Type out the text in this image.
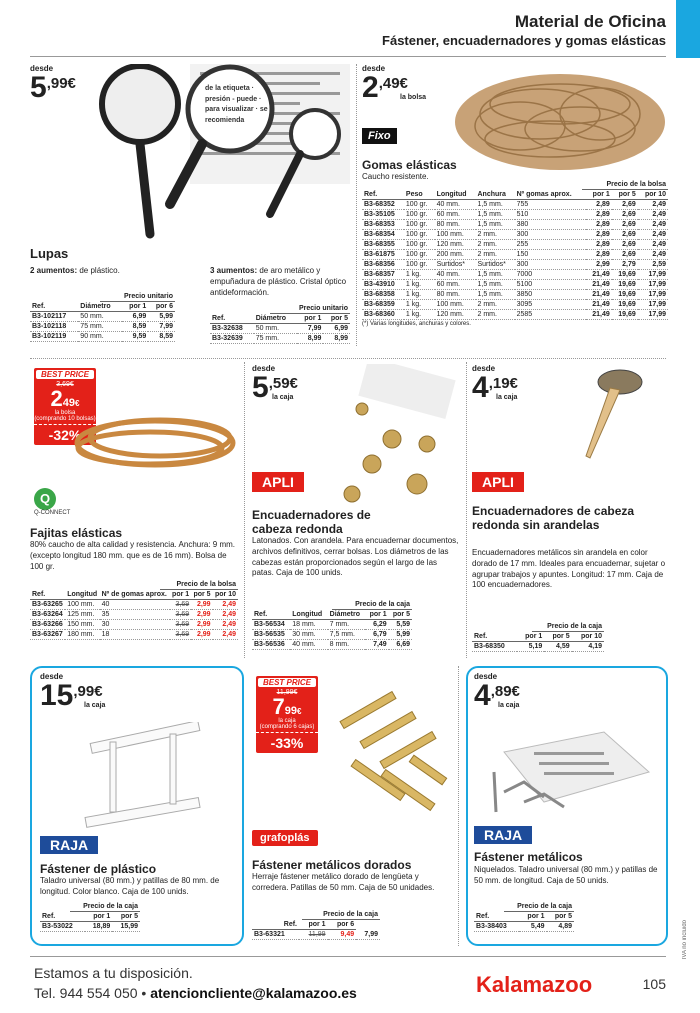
Material de Oficina
Fástener, encuadernadores y gomas elásticas
desde
5,99€	de la etiqueta · presión - puede · para visualizar · se recomienda
Lupas
2 aumentos: de plástico.	3 aumentos: de aro metálico y empuñadura de plástico. Cristal óptico antideformación.
Precio unitario
Ref.	Diámetro	por 1	por 6
B3-102117	50 mm.	6,99	5,99
B3-102118	75 mm.	8,59	7,99
B3-102119	90 mm.	9,59	8,59
Precio unitario
Ref.	Diámetro	por 1	por 5
B3-32638	50 mm.	7,99	6,99
B3-32639	75 mm.	8,99	8,99
desde
2,49€
la bolsa
Fixo
Gomas elásticas
Caucho resistente.
Precio de la bolsa
Ref.	Peso	Longitud	Anchura	Nº gomas aprox.	por 1	por 5	por 10
B3-68352	100 gr.	40 mm.	1,5 mm.	755	2,89	2,69	2,49
B3-35105	100 gr.	60 mm.	1,5 mm.	510	2,89	2,69	2,49
B3-68353	100 gr.	80 mm.	1,5 mm.	380	2,89	2,69	2,49
B3-68354	100 gr.	100 mm.	2 mm.	300	2,89	2,69	2,49
B3-68355	100 gr.	120 mm.	2 mm.	255	2,89	2,69	2,49
B3-61875	100 gr.	200 mm.	2 mm.	150	2,89	2,69	2,49
B3-68356	100 gr.	Surtidos*	Surtidos*	300	2,99	2,79	2,59
B3-68357	1 kg.	40 mm.	1,5 mm.	7000	21,49	19,69	17,99
B3-43910	1 kg.	60 mm.	1,5 mm.	5100	21,49	19,69	17,99
B3-68358	1 kg.	80 mm.	1,5 mm.	3850	21,49	19,69	17,99
B3-68359	1 kg.	100 mm.	2 mm.	3095	21,49	19,69	17,99
B3-68360	1 kg.	120 mm.	2 mm.	2585	21,49	19,69	17,99
(*) Varias longitudes, anchuras y colores.
BEST PRICE
3,69€
249€
la bolsa
(comprando 10 bolsas)
-32%
Q
Q-CONNECT
Fajitas elásticas
80% caucho de alta calidad y resistencia. Anchura: 9 mm. (excepto longitud 180 mm. que es de 16 mm). Bolsa de 100 gr.
Precio de la bolsa
Ref.	Longitud	Nº de gomas aprox.	por 1	por 5	por 10
B3-63265	100 mm.	40	3,69	2,99	2,49
B3-63264	125 mm.	35	3,69	2,99	2,49
B3-63266	150 mm.	30	3,69	2,99	2,49
B3-63267	180 mm.	18	3,69	2,99	2,49
desde
5,59€
la caja
APLI
Encuadernadores de cabeza redonda
Latonados. Con arandela. Para encuadernar documentos, archivos definitivos, cerrar bolsas. Los diámetros de las cabezas están proporcionados según el largo de las patas. Caja de 100 unids.
Precio de la caja
Ref.	Longitud	Diámetro	por 1	por 5
B3-56534	18 mm.	7 mm.	6,29	5,59
B3-56535	30 mm.	7,5 mm.	6,79	5,99
B3-56536	40 mm.	8 mm.	7,49	6,69
desde
4,19€
la caja
APLI
Encuadernadores de cabeza redonda sin arandelas
Encuadernadores metálicos sin arandela en color dorado de 17 mm. Ideales para encuadernar, sujetar o agrupar trabajos y apuntes. Longitud: 17 mm. Caja de 100 encuadernadores.
Precio de la caja
Ref.	por 1	por 5	por 10
B3-68350	5,19	4,59	4,19
desde
15,99€
la caja
RAJA
Fástener de plástico
Taladro universal (80 mm.) y patillas de 80 mm. de longitud. Color blanco. Caja de 100 unids.
Precio de la caja
Ref.	por 1	por 5
B3-53022	18,89	15,99
BEST PRICE
11,99€
799€
la caja
(comprando 6 cajas)
-33%
grafoplás
Fástener metálicos dorados
Herraje fástener metálico dorado de lengüeta y corredera. Patillas de 50 mm. Caja de 50 unidades.
Precio de la caja
Ref.	por 1	por 6	
B3-63321	11,99	9,49	7,99
desde
4,89€
la caja
RAJA
Fástener metálicos
Niquelados. Taladro universal (80 mm.) y patillas de 50 mm. de longitud. Caja de 50 unids.
Precio de la caja
Ref.	por 1	por 5
B3-38403	5,49	4,89	IVA no incluido
Estamos a tu disposición.
Tel. 944 554 050 • atencioncliente@kalamazoo.es	Kalamazoo	105
